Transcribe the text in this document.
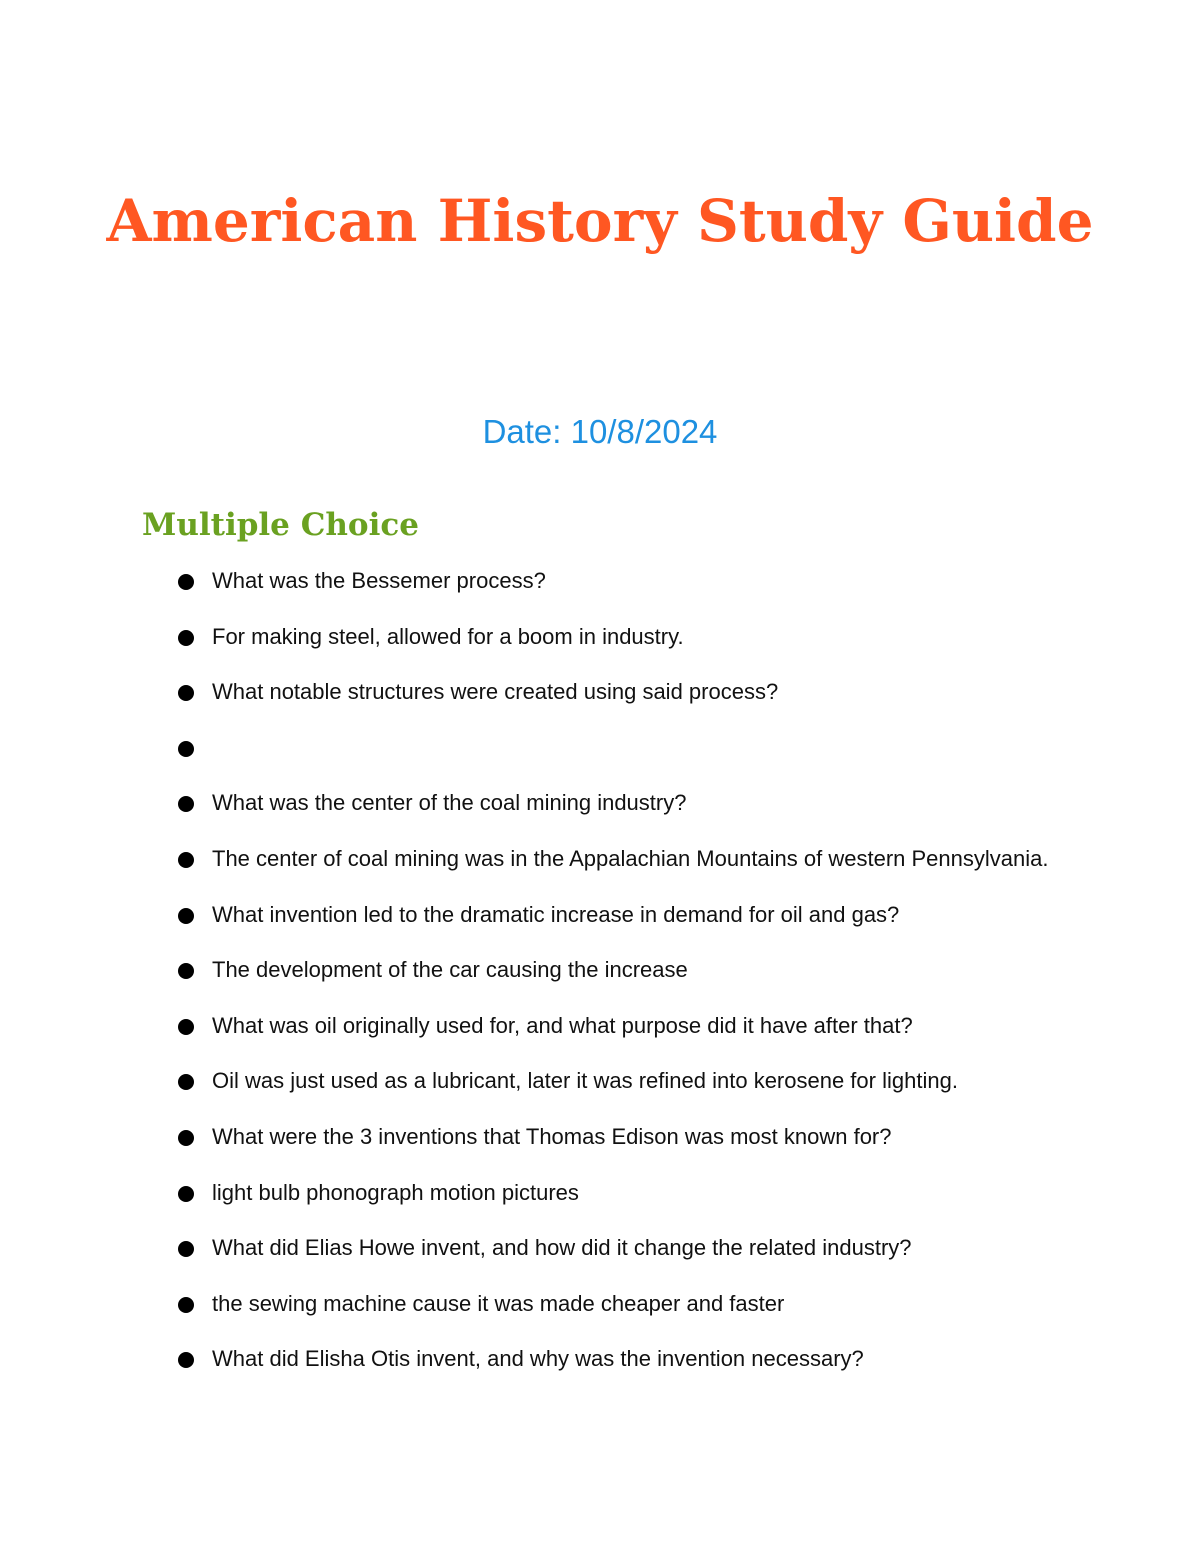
American History Study Guide
Date: 10/8/2024
Multiple Choice
What was the Bessemer process?
For making steel, allowed for a boom in industry.
What notable structures were created using said process?
What was the center of the coal mining industry?
The center of coal mining was in the Appalachian Mountains of western Pennsylvania.
What invention led to the dramatic increase in demand for oil and gas?
The development of the car causing the increase
What was oil originally used for, and what purpose did it have after that?
Oil was just used as a lubricant, later it was refined into kerosene for lighting.
What were the 3 inventions that Thomas Edison was most known for?
light bulb phonograph motion pictures
What did Elias Howe invent, and how did it change the related industry?
the sewing machine cause it was made cheaper and faster
What did Elisha Otis invent, and why was the invention necessary?
